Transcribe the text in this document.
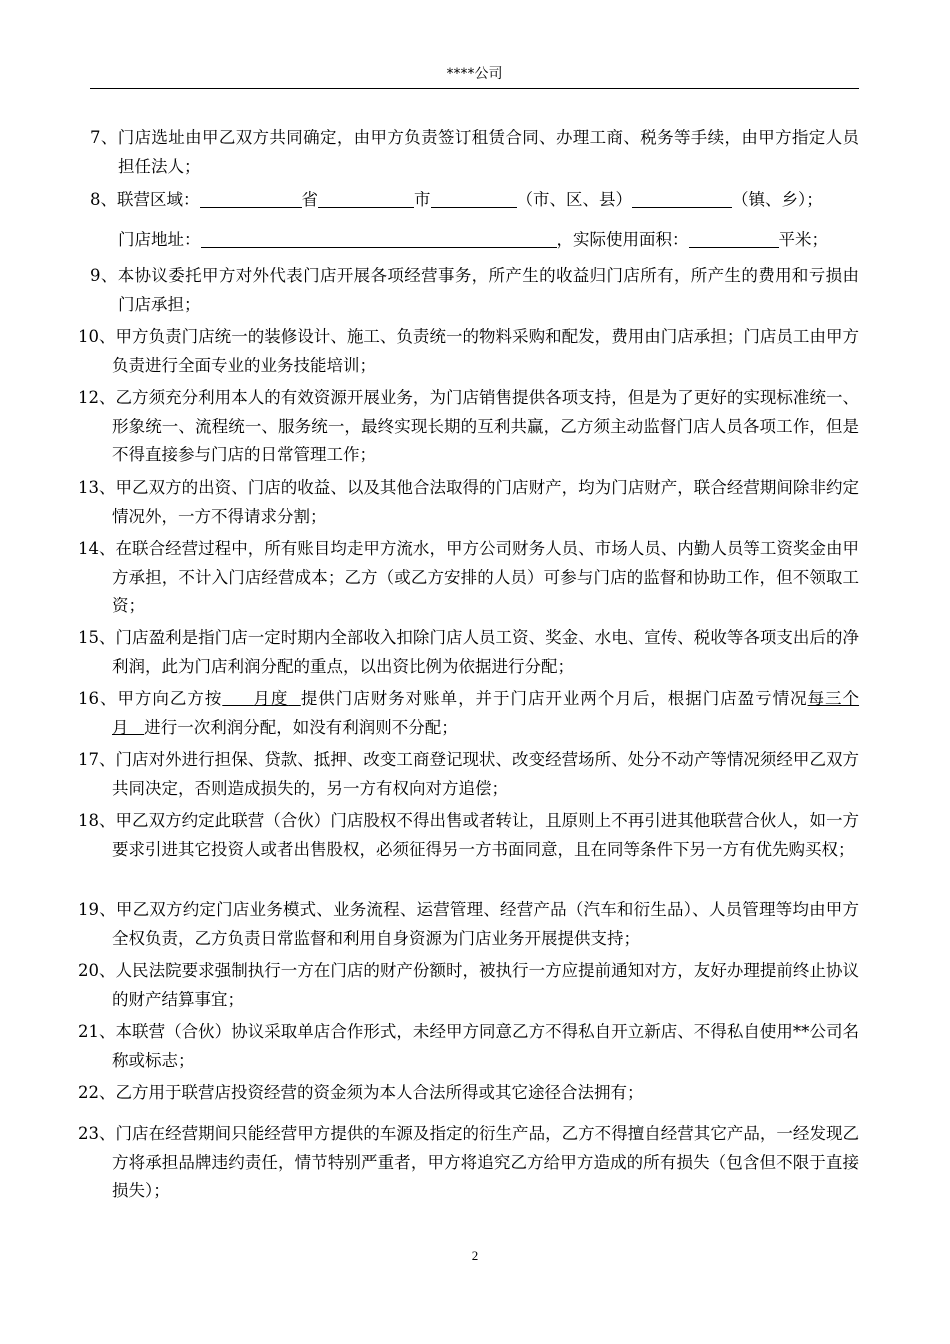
****公司
7、门店选址由甲乙双方共同确定，由甲方负责签订租赁合同、办理工商、税务等手续，由甲方指定人员担任法人；
8、联营区域：	省	市	（市、区、县）	（镇、乡）；
门店地址：	，实际使用面积：	平米；
9、本协议委托甲方对外代表门店开展各项经营事务，所产生的收益归门店所有，所产生的费用和亏损由门店承担；
10、甲方负责门店统一的装修设计、施工、负责统一的物料采购和配发，费用由门店承担；门店员工由甲方负责进行全面专业的业务技能培训；
12、乙方须充分利用本人的有效资源开展业务，为门店销售提供各项支持，但是为了更好的实现标准统一、形象统一、流程统一、服务统一，最终实现长期的互利共赢，乙方须主动监督门店人员各项工作，但是不得直接参与门店的日常管理工作；
13、甲乙双方的出资、门店的收益、以及其他合法取得的门店财产，均为门店财产，联合经营期间除非约定情况外，一方不得请求分割；
14、在联合经营过程中，所有账目均走甲方流水，甲方公司财务人员、市场人员、内勤人员等工资奖金由甲方承担，不计入门店经营成本；乙方（或乙方安排的人员）可参与门店的监督和协助工作，但不领取工资；
15、门店盈利是指门店一定时期内全部收入扣除门店人员工资、奖金、水电、宣传、税收等各项支出后的净利润，此为门店利润分配的重点，以出资比例为依据进行分配；
16、甲方向乙方按 月度 提供门店财务对账单，并于门店开业两个月后，根据门店盈亏情况每三个月 进行一次利润分配，如没有利润则不分配；
17、门店对外进行担保、贷款、抵押、改变工商登记现状、改变经营场所、处分不动产等情况须经甲乙双方共同决定，否则造成损失的，另一方有权向对方追偿；
18、甲乙双方约定此联营（合伙）门店股权不得出售或者转让，且原则上不再引进其他联营合伙人，如一方要求引进其它投资人或者出售股权，必须征得另一方书面同意，且在同等条件下另一方有优先购买权；
19、甲乙双方约定门店业务模式、业务流程、运营管理、经营产品（汽车和衍生品）、人员管理等均由甲方全权负责，乙方负责日常监督和利用自身资源为门店业务开展提供支持；
20、人民法院要求强制执行一方在门店的财产份额时，被执行一方应提前通知对方，友好办理提前终止协议的财产结算事宜；
21、本联营（合伙）协议采取单店合作形式，未经甲方同意乙方不得私自开立新店、不得私自使用**公司名称或标志；
22、乙方用于联营店投资经营的资金须为本人合法所得或其它途径合法拥有；
23、门店在经营期间只能经营甲方提供的车源及指定的衍生产品，乙方不得擅自经营其它产品，一经发现乙方将承担品牌违约责任，情节特别严重者，甲方将追究乙方给甲方造成的所有损失（包含但不限于直接损失）；
2
